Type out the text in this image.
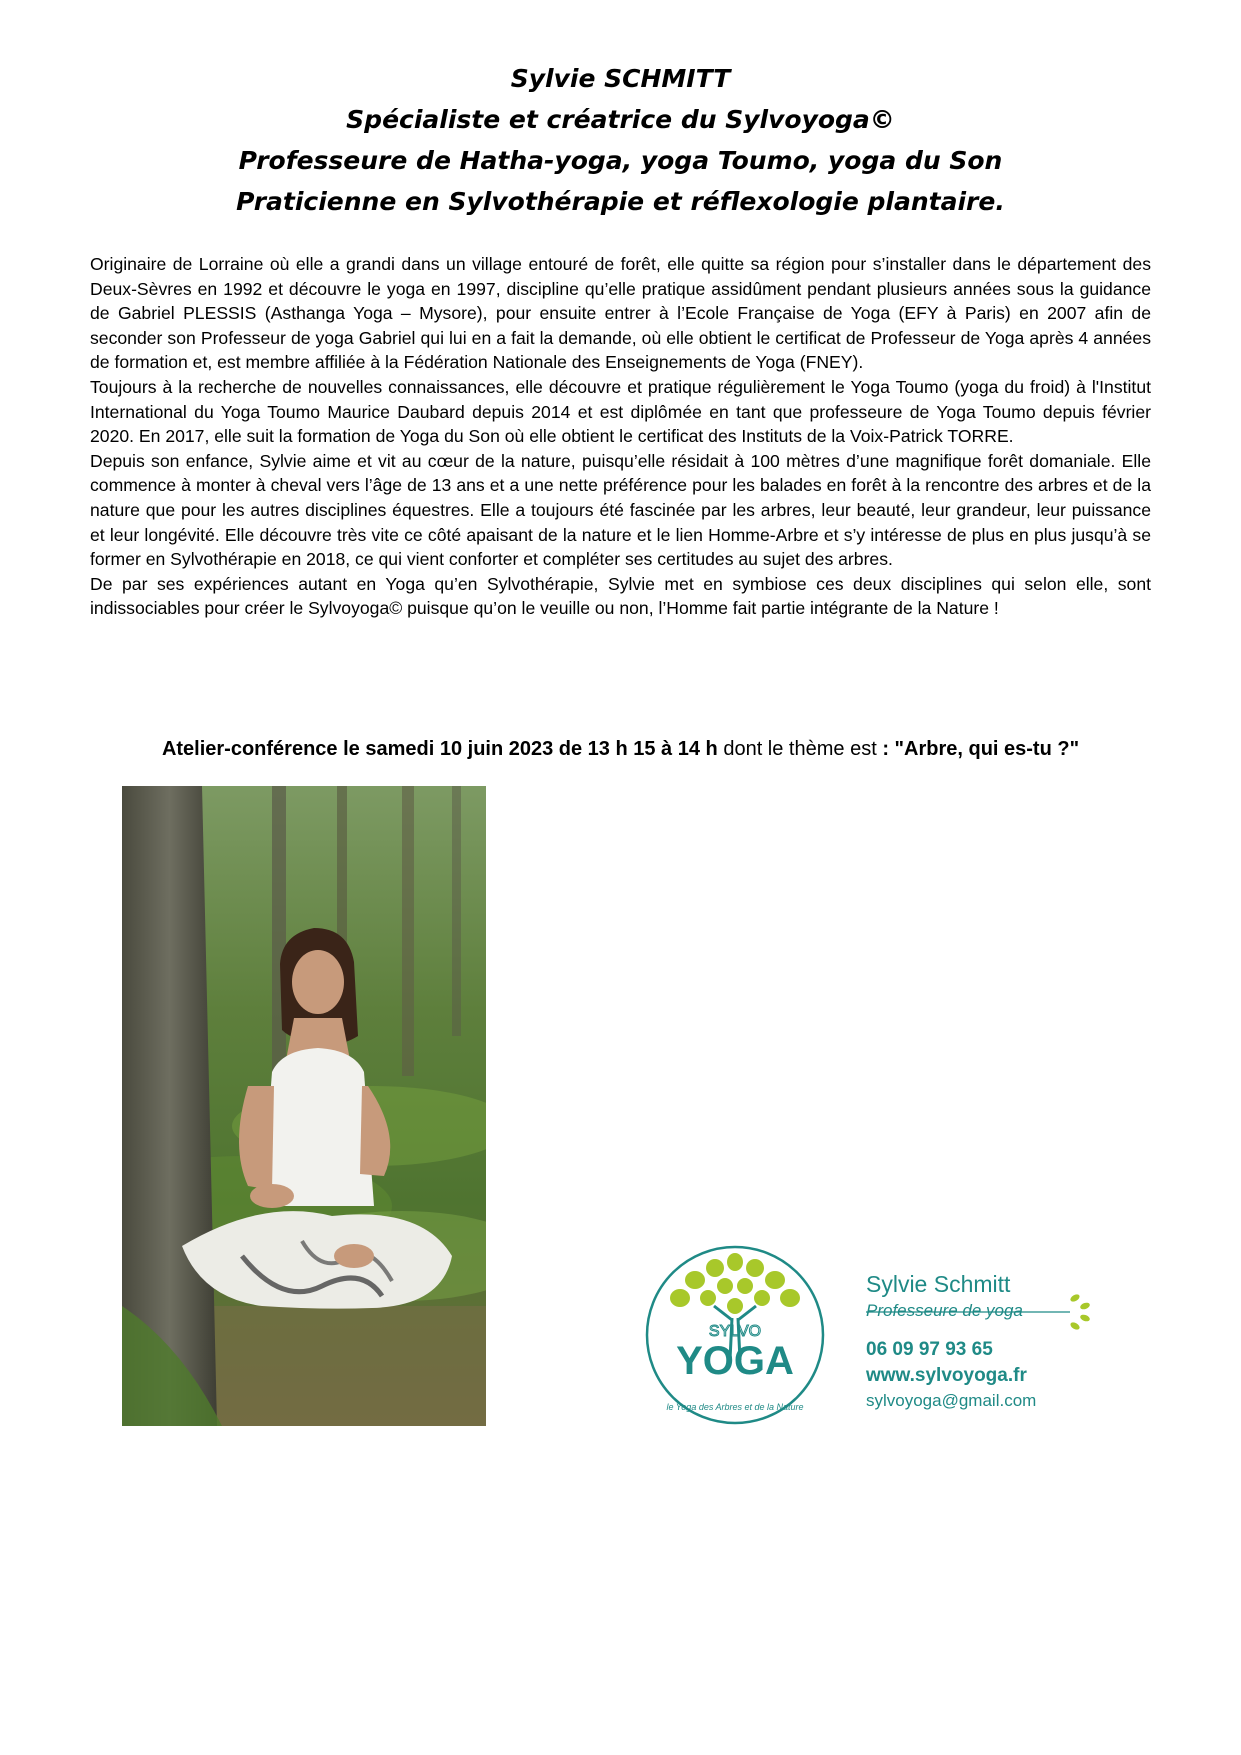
Sylvie SCHMITT

Spécialiste et créatrice du Sylvoyoga©

Professeure de Hatha-yoga, yoga Toumo, yoga du Son

Praticienne en Sylvothérapie et réflexologie plantaire.

Originaire de Lorraine où elle a grandi dans un village entouré de forêt, elle quitte sa région pour s’installer dans le département des Deux-Sèvres en 1992 et découvre le yoga en 1997, discipline qu’elle pratique assidûment pendant plusieurs années sous la guidance de Gabriel PLESSIS (Asthanga Yoga – Mysore), pour ensuite entrer à l’Ecole Française de Yoga (EFY à Paris) en 2007 afin de seconder son Professeur de yoga Gabriel qui lui en a fait la demande, où elle obtient le certificat de Professeur de Yoga après 4 années de formation et, est membre affiliée à la Fédération Nationale des Enseignements de Yoga (FNEY).

Toujours à la recherche de nouvelles connaissances, elle découvre et pratique régulièrement le Yoga Toumo (yoga du froid) à l'Institut International du Yoga Toumo Maurice Daubard depuis 2014 et est diplômée en tant que professeure de Yoga Toumo depuis février 2020. En 2017, elle suit la formation de Yoga du Son où elle obtient le certificat des Instituts de la Voix-Patrick TORRE.

Depuis son enfance, Sylvie aime et vit au cœur de la nature, puisqu’elle résidait à 100 mètres d’une magnifique forêt domaniale. Elle commence à monter à cheval vers l’âge de 13 ans et a une nette préférence pour les balades en forêt à la rencontre des arbres et de la nature que pour les autres disciplines équestres. Elle a toujours été fascinée par les arbres, leur beauté, leur grandeur, leur puissance et leur longévité. Elle découvre très vite ce côté apaisant de la nature et le lien Homme-Arbre et s’y intéresse de plus en plus jusqu’à se former en Sylvothérapie en 2018, ce qui vient conforter et compléter ses certitudes au sujet des arbres.

De par ses expériences autant en Yoga qu’en Sylvothérapie, Sylvie met en symbiose ces deux disciplines qui selon elle, sont indissociables pour créer le Sylvoyoga© puisque qu’on le veuille ou non, l’Homme fait partie intégrante de la Nature !

Atelier-conférence le samedi 10 juin 2023 de 13 h 15 à 14 h dont le thème est : "Arbre, qui es-tu ?"
SYLVO
YOGA
le Yoga des Arbres et de la Nature
Sylvie Schmitt
Professeure de yoga
06 09 97 93 65
www.sylvoyoga.fr
sylvoyoga@gmail.com
